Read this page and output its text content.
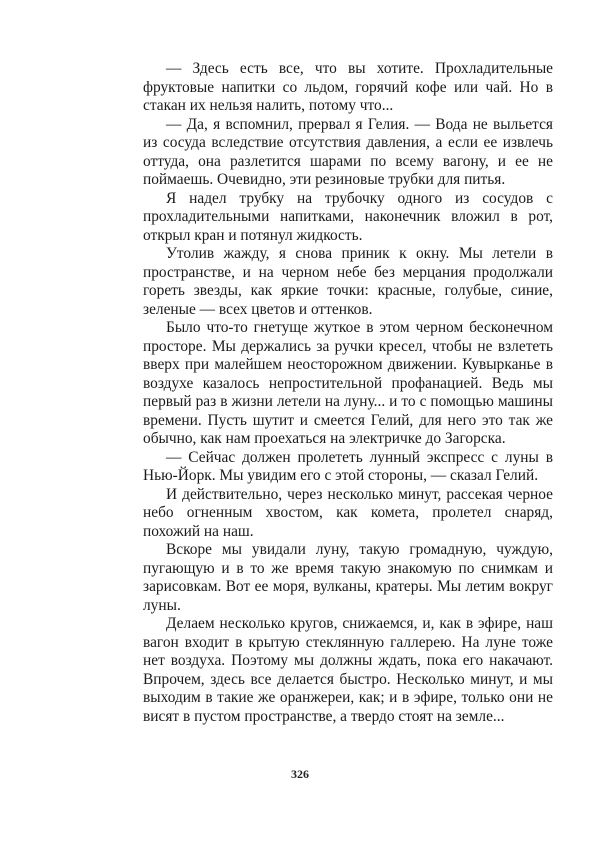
— Здесь есть все, что вы хотите. Прохладительные фруктовые напитки со льдом, горячий кофе или чай. Но в стакан их нельзя налить, потому что...

— Да, я вспомнил, прервал я Гелия. — Вода не выльется из сосуда вследствие отсутствия давления, а если ее извлечь оттуда, она разлетится шарами по всему вагону, и ее не поймаешь. Очевидно, эти резиновые трубки для питья.

Я надел трубку на трубочку одного из сосудов с прохладительными напитками, наконечник вложил в рот, открыл кран и потянул жидкость.

Утолив жажду, я снова приник к окну. Мы летели в пространстве, и на черном небе без мерцания продолжали гореть звезды, как яркие точки: красные, голубые, синие, зеленые — всех цветов и оттенков.

Было что-то гнетуще жуткое в этом черном бесконечном просторе. Мы держались за ручки кресел, чтобы не взлететь вверх при малейшем неосторожном движении. Кувырканье в воздухе казалось непростительной профанацией. Ведь мы первый раз в жизни летели на луну... и то с помощью машины времени. Пусть шутит и смеется Гелий, для него это так же обычно, как нам проехаться на электричке до Загорска.

— Сейчас должен пролететь лунный экспресс с луны в Нью-Йорк. Мы увидим его с этой стороны, — сказал Гелий.

И действительно, через несколько минут, рассекая черное небо огненным хвостом, как комета, пролетел снаряд, похожий на наш.

Вскоре мы увидали луну, такую громадную, чуждую, пугающую и в то же время такую знакомую по снимкам и зарисовкам. Вот ее моря, вулканы, кратеры. Мы летим вокруг луны.

Делаем несколько кругов, снижаемся, и, как в эфире, наш вагон входит в крытую стеклянную галлерею. На луне тоже нет воздуха. Поэтому мы должны ждать, пока его накачают. Впрочем, здесь все делается быстро. Несколько минут, и мы выходим в такие же оранжереи, как; и в эфире, только они не висят в пустом пространстве, а твердо стоят на земле...

326
